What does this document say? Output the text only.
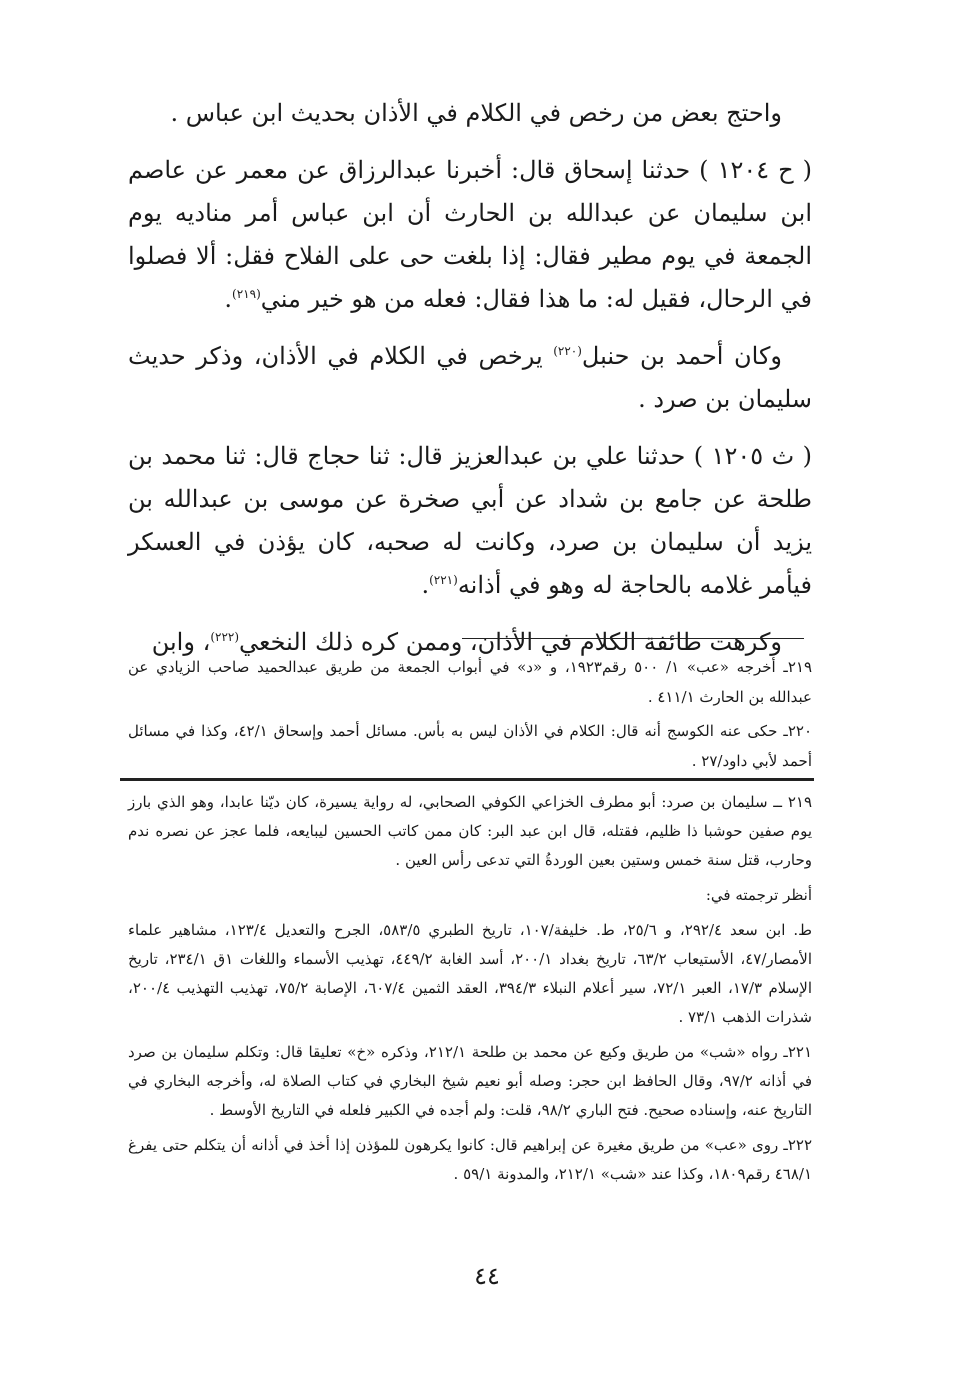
واحتج بعض من رخص في الكلام في الأذان بحديث ابن عباس .

( ح ١٢٠٤ ) حدثنا إسحاق قال: أخبرنا عبدالرزاق عن معمر عن عاصم ابن سليمان عن عبدالله بن الحارث أن ابن عباس أمر مناديه يوم الجمعة في يوم مطير فقال: إذا بلغت حى على الفلاح فقل: ألا فصلوا في الرحال، فقيل له: ما هذا فقال: فعله من هو خير مني$^{(٢١٩)}$.

وكان أحمد بن حنبل$^{(٢٢٠)}$ يرخص في الكلام في الأذان، وذكر حديث سليمان بن صرد .

( ث ١٢٠٥ ) حدثنا علي بن عبدالعزيز قال: ثنا حجاج قال: ثنا محمد بن طلحة عن جامع بن شداد عن أبي صخرة عن موسى بن عبدالله بن يزيد أن سليمان بن صرد، وكانت له صحبه، كان يؤذن في العسكر فيأمر غلامه بالحاجة له وهو في أذانه$^{(٢٢١)}$.

وكرهت طائفة الكلام في الأذان، وممن كره ذلك النخعي$^{(٢٢٢)}$، وابن

٢١٩ـ أخرجه «عب» ١/ ٥٠٠ رقم١٩٢٣، و «د» في أبواب الجمعة من طريق عبدالحميد صاحب الزيادي عن عبدالله بن الحارث ٤١١/١ .

٢٢٠ـ حكى عنه الكوسج أنه قال: الكلام في الأذان ليس به بأس. مسائل أحمد وإسحاق ٤٢/١، وكذا في مسائل أحمد لأبي داود/٢٧ .

٢١٩ ــ سليمان بن صرد: أبو مطرف الخزاعي الكوفي الصحابي، له رواية يسيرة، كان ديّنا عابدا، وهو الذي بارز يوم صفين حوشبا ذا ظليم، فقتله، قال ابن عبد البر: كان ممن كاتب الحسين ليبايعه، فلما عجز عن نصره ندم وحارب، قتل سنة خمس وستين بعين الوردةُ التي تدعى رأس العين .

أنظر ترجمته في:

ط. ابن سعد ٢٩٢/٤، و ٢٥/٦، ط. خليفة/١٠٧، تاريخ الطبري ٥٨٣/٥، الجرح والتعديل ١٢٣/٤، مشاهير علماء الأمصار/٤٧، الأستيعاب ٦٣/٢، تاريخ بغداد ٢٠٠/١، أسد الغابة ٤٤٩/٢، تهذيب الأسماء واللغات ١ق ٢٣٤/١، تاريخ الإسلام ١٧/٣، العبر ٧٢/١، سير أعلام النبلاء ٣٩٤/٣، العقد الثمين ٦٠٧/٤، الإصابة ٧٥/٢، تهذيب التهذيب ٢٠٠/٤، شذرات الذهب ٧٣/١ .

٢٢١ـ رواه «شب» من طريق وكيع عن محمد بن طلحة ٢١٢/١، وذكره «خ» تعليقا قال: وتكلم سليمان بن صرد في أذانه ٩٧/٢، وقال الحافظ ابن حجر: وصله أبو نعيم شيخ البخاري في كتاب الصلاة له، وأخرجه البخاري في التاريخ عنه، وإسناده صحيح. فتح الباري ٩٨/٢، قلت: ولم أجده في الكبير فلعله في التاريخ الأوسط .

٢٢٢ـ روى «عب» من طريق مغيرة عن إبراهيم قال: كانوا يكرهون للمؤذن إذا أخذ في أذانه أن يتكلم حتى يفرغ ٤٦٨/١ رقم١٨٠٩، وكذا عند «شب» ٢١٢/١، والمدونة ٥٩/١ .

٤٤
